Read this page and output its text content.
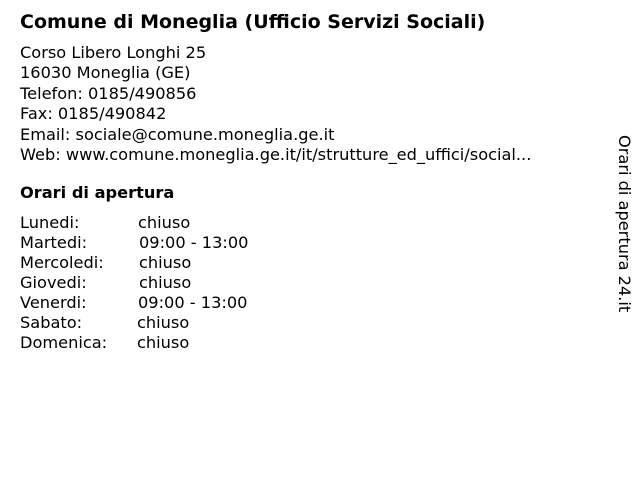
Comune di Moneglia (Ufficio Servizi Sociali)
Corso Libero Longhi 25
16030 Moneglia (GE)
Telefon: 0185/490856
Fax: 0185/490842
Email: sociale@comune.moneglia.ge.it
Web: www.comune.moneglia.ge.it/it/strutture_ed_uffici/social...
Orari di apertura
Lunedi:	chiuso
Martedi:	09:00 - 13:00
Mercoledi: chiuso
Giovedi:	chiuso
Venerdi:	09:00 - 13:00
Sabato:	chiuso
Domenica: chiuso
Orari di apertura 24.it
